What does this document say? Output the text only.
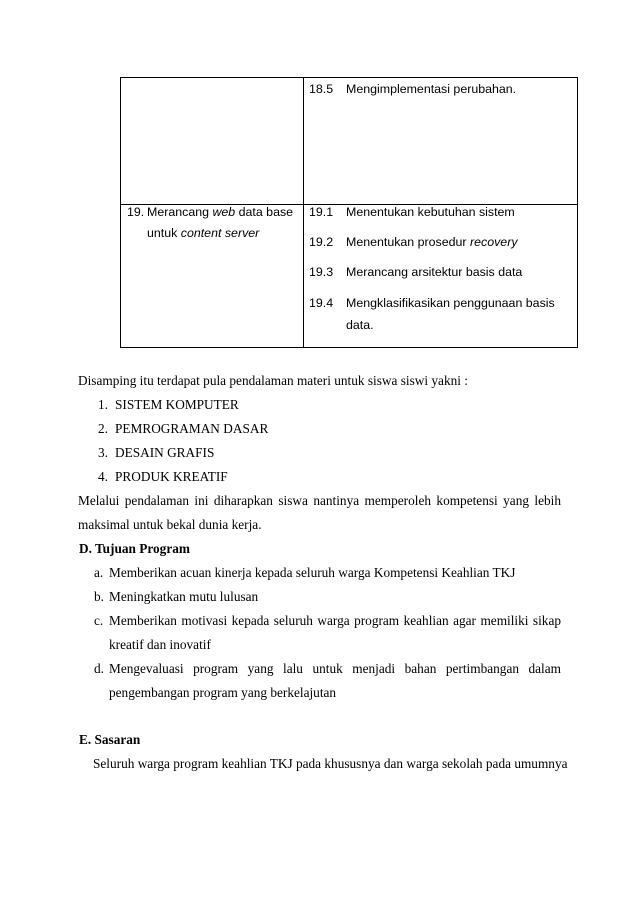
18.5 Mengimplementasi perubahan.
19. Merancang web data base
untuk content server
19.1 Menentukan kebutuhan sistem
19.2 Menentukan prosedur recovery
19.3 Merancang arsitektur basis data
19.4 Mengklasifikasikan penggunaan basis
data.
Disamping itu terdapat pula pendalaman materi untuk siswa siswi yakni :
1. SISTEM KOMPUTER
2. PEMROGRAMAN DASAR
3. DESAIN GRAFIS
4. PRODUK KREATIF
Melalui pendalaman ini diharapkan siswa nantinya memperoleh kompetensi yang lebih
maksimal untuk bekal dunia kerja.
D. Tujuan Program
a. Memberikan acuan kinerja kepada seluruh warga Kompetensi Keahlian TKJ
b. Meningkatkan mutu lulusan
c. Memberikan motivasi kepada seluruh warga program keahlian agar memiliki sikap
kreatif dan inovatif
d. Mengevaluasi program yang lalu untuk menjadi bahan pertimbangan dalam
pengembangan program yang berkelajutan
E. Sasaran
Seluruh warga program keahlian TKJ pada khususnya dan warga sekolah pada umumnya
